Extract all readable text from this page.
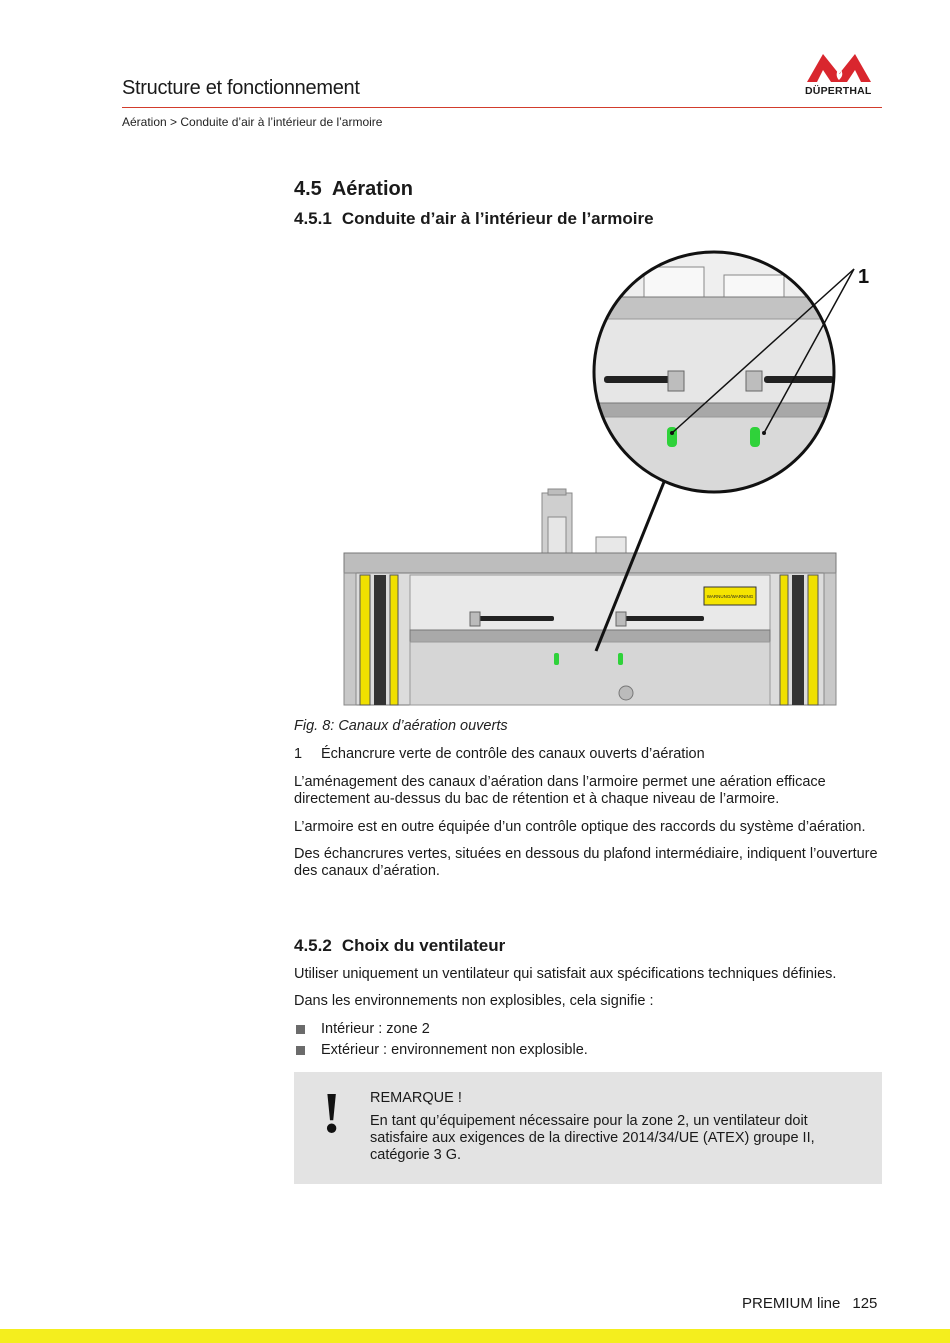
Structure et fonctionnement	DÜPERTHAL
Aération > Conduite d’air à l’intérieur de l’armoire
4.5 Aération
4.5.1 Conduite d’air à l’intérieur de l’armoire
WARNUNG/WARNING
1
Fig. 8: Canaux d’aération ouverts
1 Échancrure verte de contrôle des canaux ouverts d’aération
L’aménagement des canaux d’aération dans l’armoire permet une aération efficace
directement au-dessus du bac de rétention et à chaque niveau de l’armoire.
L’armoire est en outre équipée d’un contrôle optique des raccords du système d’aération.
Des échancrures vertes, situées en dessous du plafond intermédiaire, indiquent l’ouverture
des canaux d’aération.
4.5.2 Choix du ventilateur
Utiliser uniquement un ventilateur qui satisfait aux spécifications techniques définies.
Dans les environnements non explosibles, cela signifie :
Intérieur : zone 2
Extérieur : environnement non explosible.
! REMARQUE !
En tant qu’équipement nécessaire pour la zone 2, un ventilateur doit
satisfaire aux exigences de la directive 2014/34/UE (ATEX) groupe II,
catégorie 3 G.
PREMIUM line 125
